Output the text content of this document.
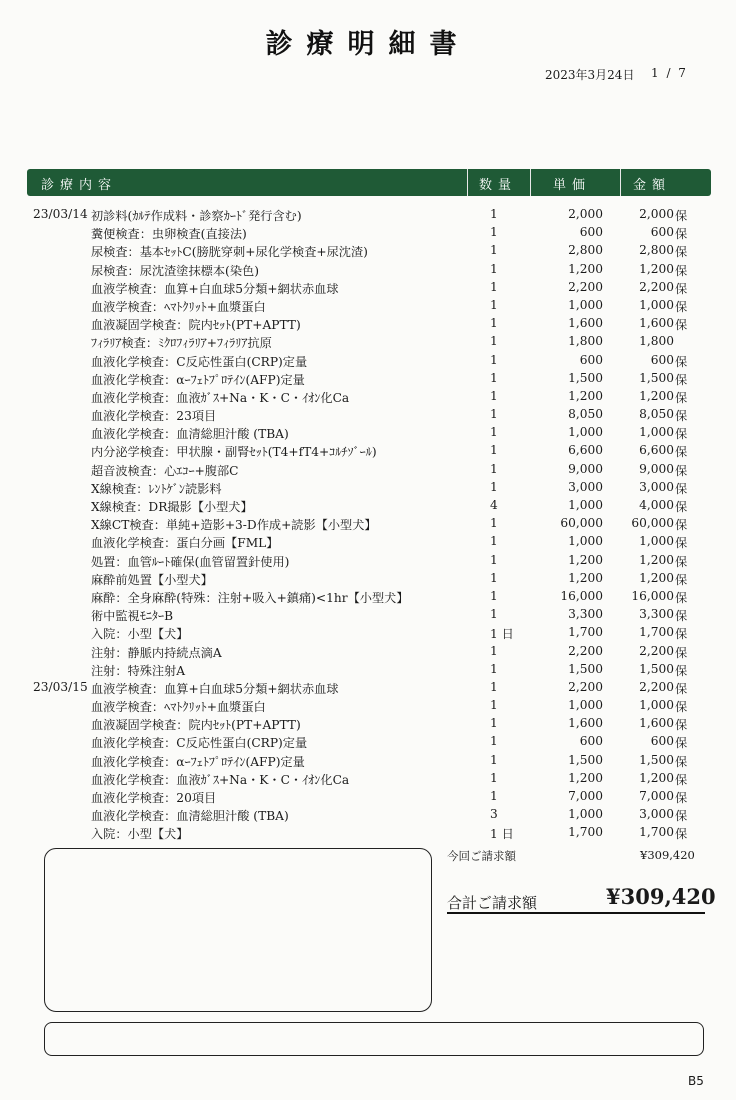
診療明細書
2023年3月24日 1 / 7
診療内容	数量	単価	金額
23/03/14 初診料(ｶﾙﾃ作成料・診察ｶｰﾄﾞ発行含む)	1	2,000	2,000 保
糞便検査：虫卵検査(直接法)	1	600	600 保
尿検査：基本ｾｯﾄC(膀胱穿刺+尿化学検査+尿沈渣)	1	2,800	2,800 保
尿検査：尿沈渣塗抹標本(染色)	1	1,200	1,200 保
血液学検査：血算+白血球5分類+網状赤血球	1	2,200	2,200 保
血液学検査：ﾍﾏﾄｸﾘｯﾄ+血漿蛋白	1	1,000	1,000 保
血液凝固学検査：院内ｾｯﾄ(PT+APTT)	1	1,600	1,600 保
ﾌｨﾗﾘｱ検査：ﾐｸﾛﾌｨﾗﾘｱ+ﾌｨﾗﾘｱ抗原	1	1,800	1,800
血液化学検査：C反応性蛋白(CRP)定量	1	600	600 保
血液化学検査：αｰﾌｪﾄﾌﾟﾛﾃｲﾝ(AFP)定量	1	1,500	1,500 保
血液化学検査：血液ｶﾞｽ+Na・K・C・ｲｵﾝ化Ca	1	1,200	1,200 保
血液化学検査：23項目	1	8,050	8,050 保
血液化学検査：血清総胆汁酸 (TBA)	1	1,000	1,000 保
内分泌学検査：甲状腺・副腎ｾｯﾄ(T4+fT4+ｺﾙﾁｿﾞｰﾙ)	1	6,600	6,600 保
超音波検査：心ｴｺｰ+腹部C	1	9,000	9,000 保
X線検査：ﾚﾝﾄｹﾞﾝ読影料	1	3,000	3,000 保
X線検査：DR撮影【小型犬】	4	1,000	4,000 保
X線CT検査：単純+造影+3-D作成+読影【小型犬】	1	60,000 60,000 保
血液化学検査：蛋白分画【FML】	1	1,000	1,000 保
処置：血管ﾙｰﾄ確保(血管留置針使用)	1	1,200	1,200 保
麻酔前処置【小型犬】	1	1,200	1,200 保
麻酔：全身麻酔(特殊：注射+吸入+鎮痛)<1hr【小型犬】	1	16,000 16,000 保
術中監視ﾓﾆﾀｰB	1	3,300	3,300 保
入院：小型【犬】	1 日	1,700	1,700 保
注射：静脈内持続点滴A	1	2,200	2,200 保
注射：特殊注射A	1	1,500	1,500 保
23/03/15 血液学検査：血算+白血球5分類+網状赤血球	1	2,200	2,200 保
血液学検査：ﾍﾏﾄｸﾘｯﾄ+血漿蛋白	1	1,000	1,000 保
血液凝固学検査：院内ｾｯﾄ(PT+APTT)	1	1,600	1,600 保
血液化学検査：C反応性蛋白(CRP)定量	1	600	600 保
血液化学検査：αｰﾌｪﾄﾌﾟﾛﾃｲﾝ(AFP)定量	1	1,500	1,500 保
血液化学検査：血液ｶﾞｽ+Na・K・C・ｲｵﾝ化Ca	1	1,200	1,200 保
血液化学検査：20項目	1	7,000	7,000 保
血液化学検査：血清総胆汁酸 (TBA)	3	1,000	3,000 保
入院：小型【犬】	1 日	1,700	1,700 保
今回ご請求額	¥309,420
合計ご請求額	¥309,420
B5
